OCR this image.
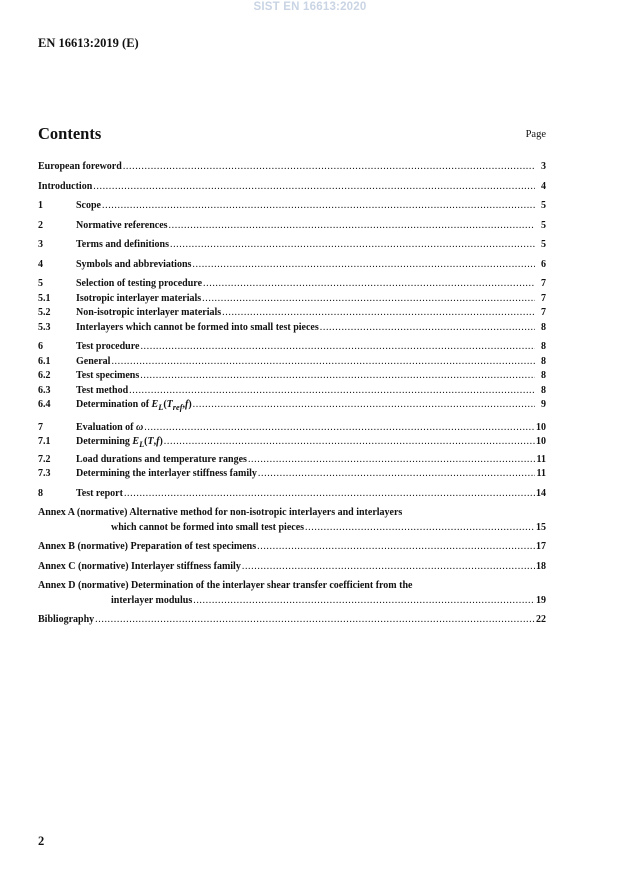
SIST EN 16613:2020
EN 16613:2019 (E)
Contents	Page
European foreword .....	3
Introduction .....	4
1	Scope .....	5
2	Normative references .....	5
3	Terms and definitions .....	5
4	Symbols and abbreviations .....	6
5	Selection of testing procedure .....	7
5.1	Isotropic interlayer materials .....	7
5.2	Non-isotropic interlayer materials .....	7
5.3	Interlayers which cannot be formed into small test pieces .....	8
6	Test procedure .....	8
6.1	General .....	8
6.2	Test specimens .....	8
6.3	Test method .....	8
6.4	Determination of $E_L(T_{ref},f)$ .....	9
7	Evaluation of ω .....	10
7.1	Determining $E_L(T,f)$ .....	10
7.2	Load durations and temperature ranges .....	11
7.3	Determining the interlayer stiffness family .....	11
8	Test report .....	14
Annex A (normative) Alternative method for non-isotropic interlayers and interlayers
which cannot be formed into small test pieces .....	15
Annex B (normative) Preparation of test specimens .....	17
Annex C (normative) Interlayer stiffness family .....	18
Annex D (normative) Determination of the interlayer shear transfer coefficient from the
interlayer modulus .....	19
Bibliography .....	22
2
